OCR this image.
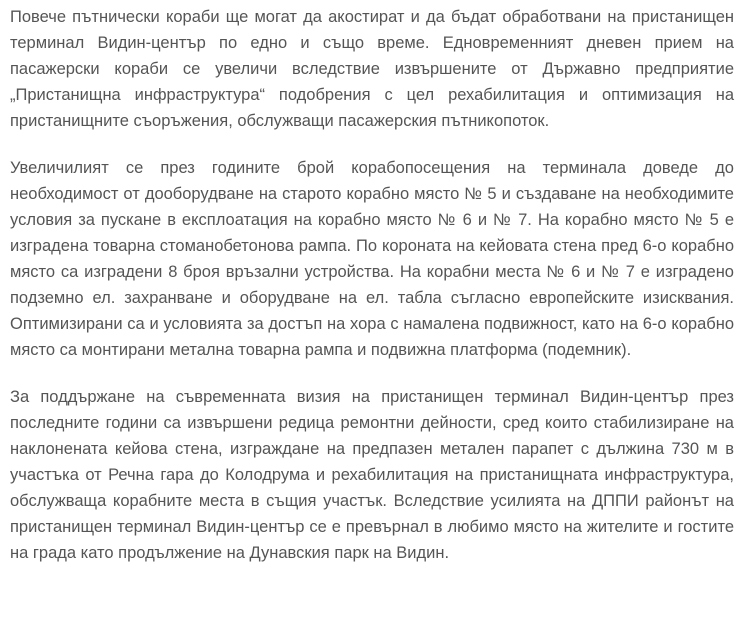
Повече пътнически кораби ще могат да акостират и да бъдат обработвани на пристанищен терминал Видин-център по едно и също време. Едновременният дневен прием на пасажерски кораби се увеличи вследствие извършените от Държавно предприятие „Пристанищна инфраструктура“ подобрения с цел рехабилитация и оптимизация на пристанищните съоръжения, обслужващи пасажерския пътникопоток.

Увеличилият се през годините брой корабопосещения на терминала доведе до необходимост от дооборудване на старото корабно място № 5 и създаване на необходимите условия за пускане в експлоатация на корабно място № 6 и № 7. На корабно място № 5 е изградена товарна стоманобетонова рампа. По короната на кейовата стена пред 6-о корабно място са изградени 8 броя връзални устройства. На корабни места № 6 и № 7 е изградено подземно ел. захранване и оборудване на ел. табла съгласно европейските изисквания. Оптимизирани са и условията за достъп на хора с намалена подвижност, като на 6-о корабно място са монтирани метална товарна рампа и подвижна платформа (подемник).

За поддържане на съвременната визия на пристанищен терминал Видин-център през последните години са извършени редица ремонтни дейности, сред които стабилизиране на наклонената кейова стена, изграждане на предпазен метален парапет с дължина 730 м в участъка от Речна гара до Колодрума и рехабилитация на пристанищната инфраструктура, обслужваща корабните места в същия участък. Вследствие усилията на ДППИ районът на пристанищен терминал Видин-център се е превърнал в любимо място на жителите и гостите на града като продължение на Дунавския парк на Видин.
